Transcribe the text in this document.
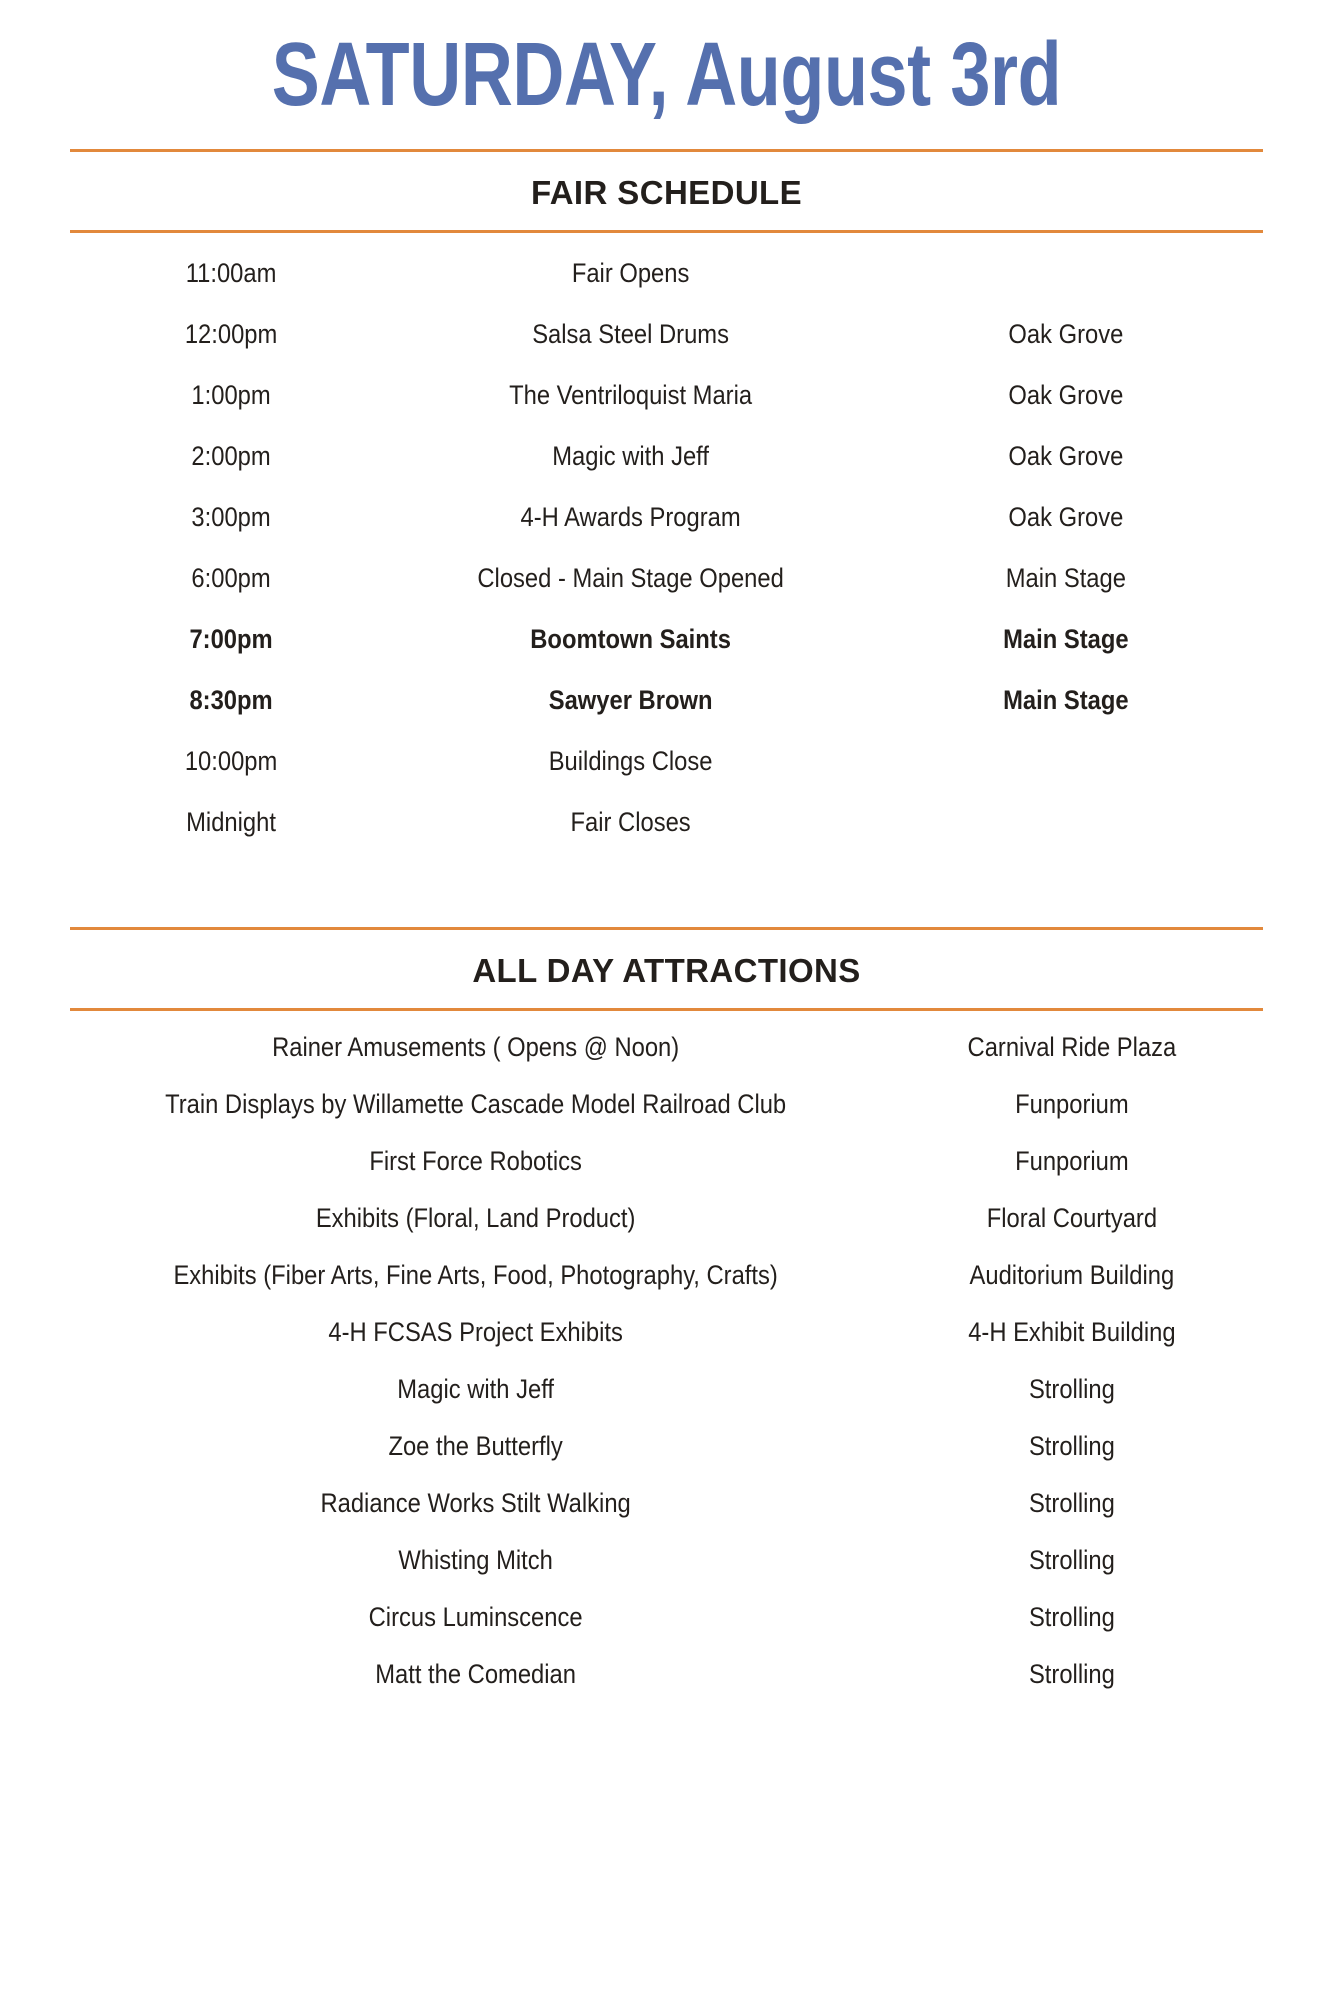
SATURDAY, August 3rd
FAIR SCHEDULE
11:00am	Fair Opens	
12:00pm	Salsa Steel Drums	Oak Grove
1:00pm	The Ventriloquist Maria	Oak Grove
2:00pm	Magic with Jeff	Oak Grove
3:00pm	4-H Awards Program	Oak Grove
6:00pm	Closed - Main Stage Opened	Main Stage
7:00pm	Boomtown Saints	Main Stage
8:30pm	Sawyer Brown	Main Stage
10:00pm	Buildings Close	
Midnight	Fair Closes	
ALL DAY ATTRACTIONS
Rainer Amusements ( Opens @ Noon)	Carnival Ride Plaza
Train Displays by Willamette Cascade Model Railroad Club	Funporium
First Force Robotics	Funporium
Exhibits (Floral, Land Product)	Floral Courtyard
Exhibits (Fiber Arts, Fine Arts, Food, Photography, Crafts)	Auditorium Building
4-H FCSAS Project Exhibits	4-H Exhibit Building
Magic with Jeff	Strolling
Zoe the Butterfly	Strolling
Radiance Works Stilt Walking	Strolling
Whisting Mitch	Strolling
Circus Luminscence	Strolling
Matt the Comedian	Strolling
